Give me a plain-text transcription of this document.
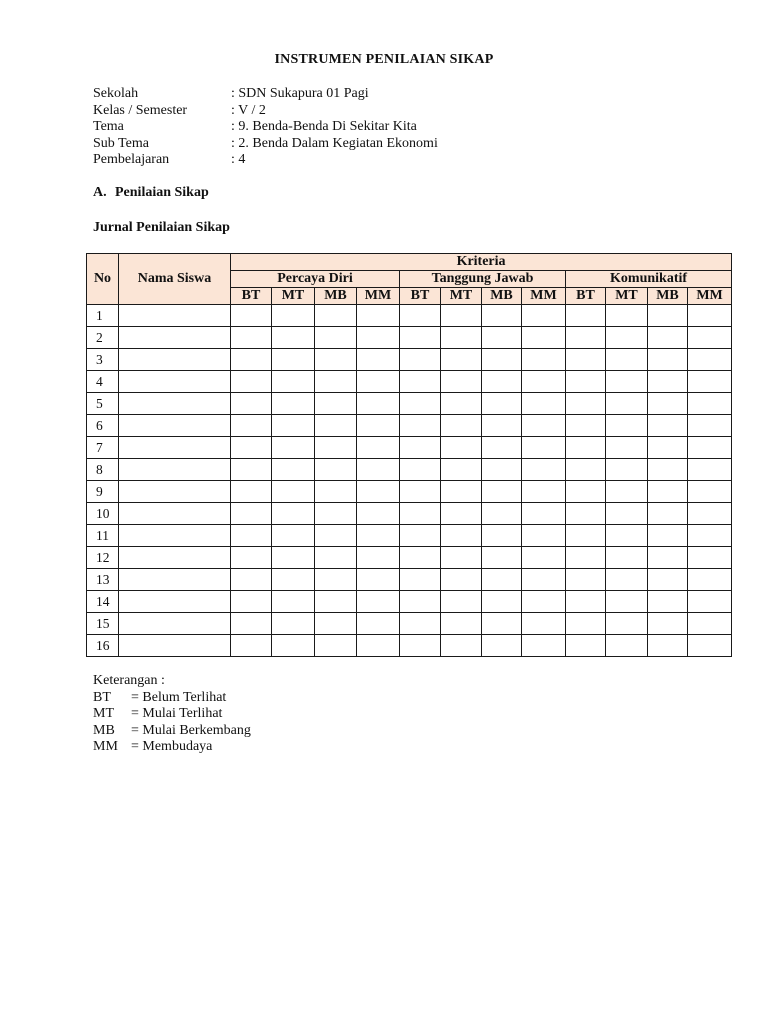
INSTRUMEN PENILAIAN SIKAP
Sekolah	: SDN Sukapura 01 Pagi
Kelas / Semester	: V / 2
Tema	: 9. Benda-Benda Di Sekitar Kita
Sub Tema	: 2. Benda Dalam Kegiatan Ekonomi
Pembelajaran	: 4
A. Penilaian Sikap
Jurnal Penilaian Sikap
No	Nama Siswa	Kriteria											
		Percaya Diri				Tanggung Jawab				Komunikatif			
		BT	MT	MB	MM	BT	MT	MB	MM	BT	MT	MB	MM
1													
2													
3													
4													
5													
6													
7													
8													
9													
10													
11													
12													
13													
14													
15													
16													
Keterangan :
BT	= Belum Terlihat
MT	= Mulai Terlihat
MB	= Mulai Berkembang
MM = Membudaya
